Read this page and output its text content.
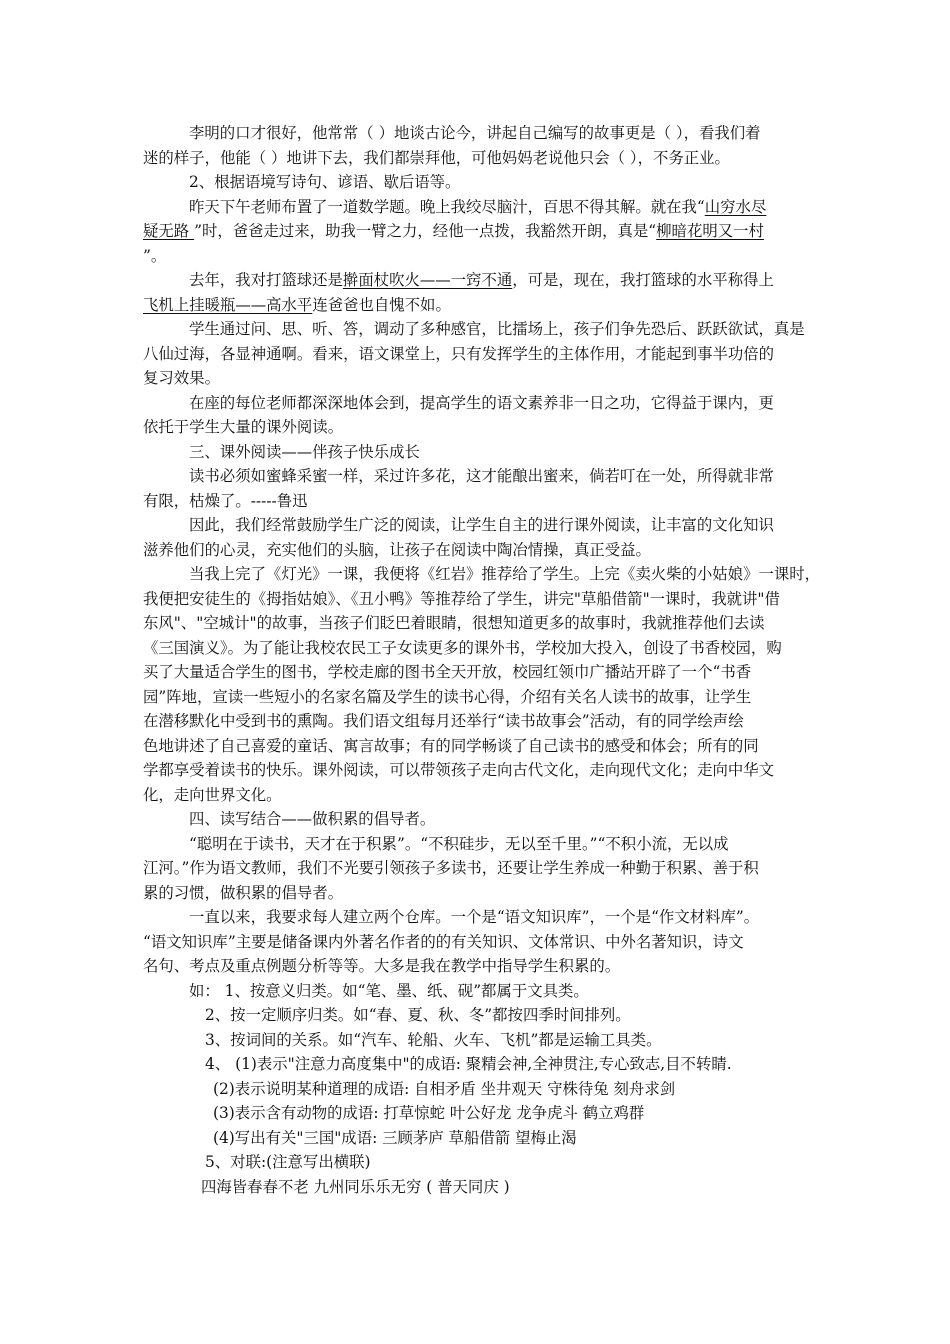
李明的口才很好，他常常（ ）地谈古论今，讲起自己编写的故事更是（ ），看我们着
迷的样子，他能（ ）地讲下去，我们都崇拜他，可他妈妈老说他只会（ ），不务正业。
2、根据语境写诗句、谚语、歇后语等。
昨天下午老师布置了一道数学题。晚上我绞尽脑汁，百思不得其解。就在我“山穷水尽
疑无路 ”时，爸爸走过来，助我一臂之力，经他一点拨，我豁然开朗，真是“柳暗花明又一村
”。
去年，我对打篮球还是擀面杖吹火——一窍不通，可是，现在，我打篮球的水平称得上
飞机上挂暖瓶——高水平连爸爸也自愧不如。
学生通过问、思、听、答，调动了多种感官，比擂场上，孩子们争先恐后、跃跃欲试，真是
八仙过海，各显神通啊。看来，语文课堂上，只有发挥学生的主体作用，才能起到事半功倍的
复习效果。
在座的每位老师都深深地体会到，提高学生的语文素养非一日之功，它得益于课内，更
依托于学生大量的课外阅读。
三、课外阅读——伴孩子快乐成长
读书必须如蜜蜂采蜜一样，采过许多花，这才能酿出蜜来，倘若叮在一处，所得就非常
有限，枯燥了。-----鲁迅
因此，我们经常鼓励学生广泛的阅读，让学生自主的进行课外阅读，让丰富的文化知识
滋养他们的心灵，充实他们的头脑，让孩子在阅读中陶冶情操，真正受益。
当我上完了《灯光》一课，我便将《红岩》推荐给了学生。上完《卖火柴的小姑娘》一课时，
我便把安徒生的《拇指姑娘》、《丑小鸭》等推荐给了学生，讲完"草船借箭"一课时，我就讲"借
东风"、"空城计"的故事，当孩子们眨巴着眼睛，很想知道更多的故事时，我就推荐他们去读
《三国演义》。为了能让我校农民工子女读更多的课外书，学校加大投入，创设了书香校园，购
买了大量适合学生的图书，学校走廊的图书全天开放，校园红领巾广播站开辟了一个“书香
园”阵地，宣读一些短小的名家名篇及学生的读书心得，介绍有关名人读书的故事，让学生
在潜移默化中受到书的熏陶。我们语文组每月还举行“读书故事会”活动，有的同学绘声绘
色地讲述了自己喜爱的童话、寓言故事；有的同学畅谈了自己读书的感受和体会；所有的同
学都享受着读书的快乐。课外阅读，可以带领孩子走向古代文化，走向现代文化；走向中华文
化，走向世界文化。
四、读写结合——做积累的倡导者。
“聪明在于读书，天才在于积累”。“不积硅步，无以至千里。”“不积小流，无以成
江河。”作为语文教师，我们不光要引领孩子多读书，还要让学生养成一种勤于积累、善于积
累的习惯，做积累的倡导者。
一直以来，我要求每人建立两个仓库。一个是“语文知识库”，一个是“作文材料库”。
“语文知识库”主要是储备课内外著名作者的的有关知识、文体常识、中外名著知识，诗文
名句、考点及重点例题分析等等。大多是我在教学中指导学生积累的。
如： 1、按意义归类。如“笔、墨、纸、砚”都属于文具类。
2、按一定顺序归类。如“春、夏、秋、冬”都按四季时间排列。
3、按词间的关系。如“汽车、轮船、火车、飞机”都是运输工具类。
4、 (1)表示"注意力高度集中"的成语: 聚精会神,全神贯注,专心致志,目不转睛.
(2)表示说明某种道理的成语: 自相矛盾 坐井观天 守株待兔 刻舟求剑
(3)表示含有动物的成语: 打草惊蛇 叶公好龙 龙争虎斗 鹤立鸡群
(4)写出有关"三国"成语: 三顾茅庐 草船借箭 望梅止渴
5、对联:(注意写出横联)
四海皆春春不老 九州同乐乐无穷 ( 普天同庆 )
